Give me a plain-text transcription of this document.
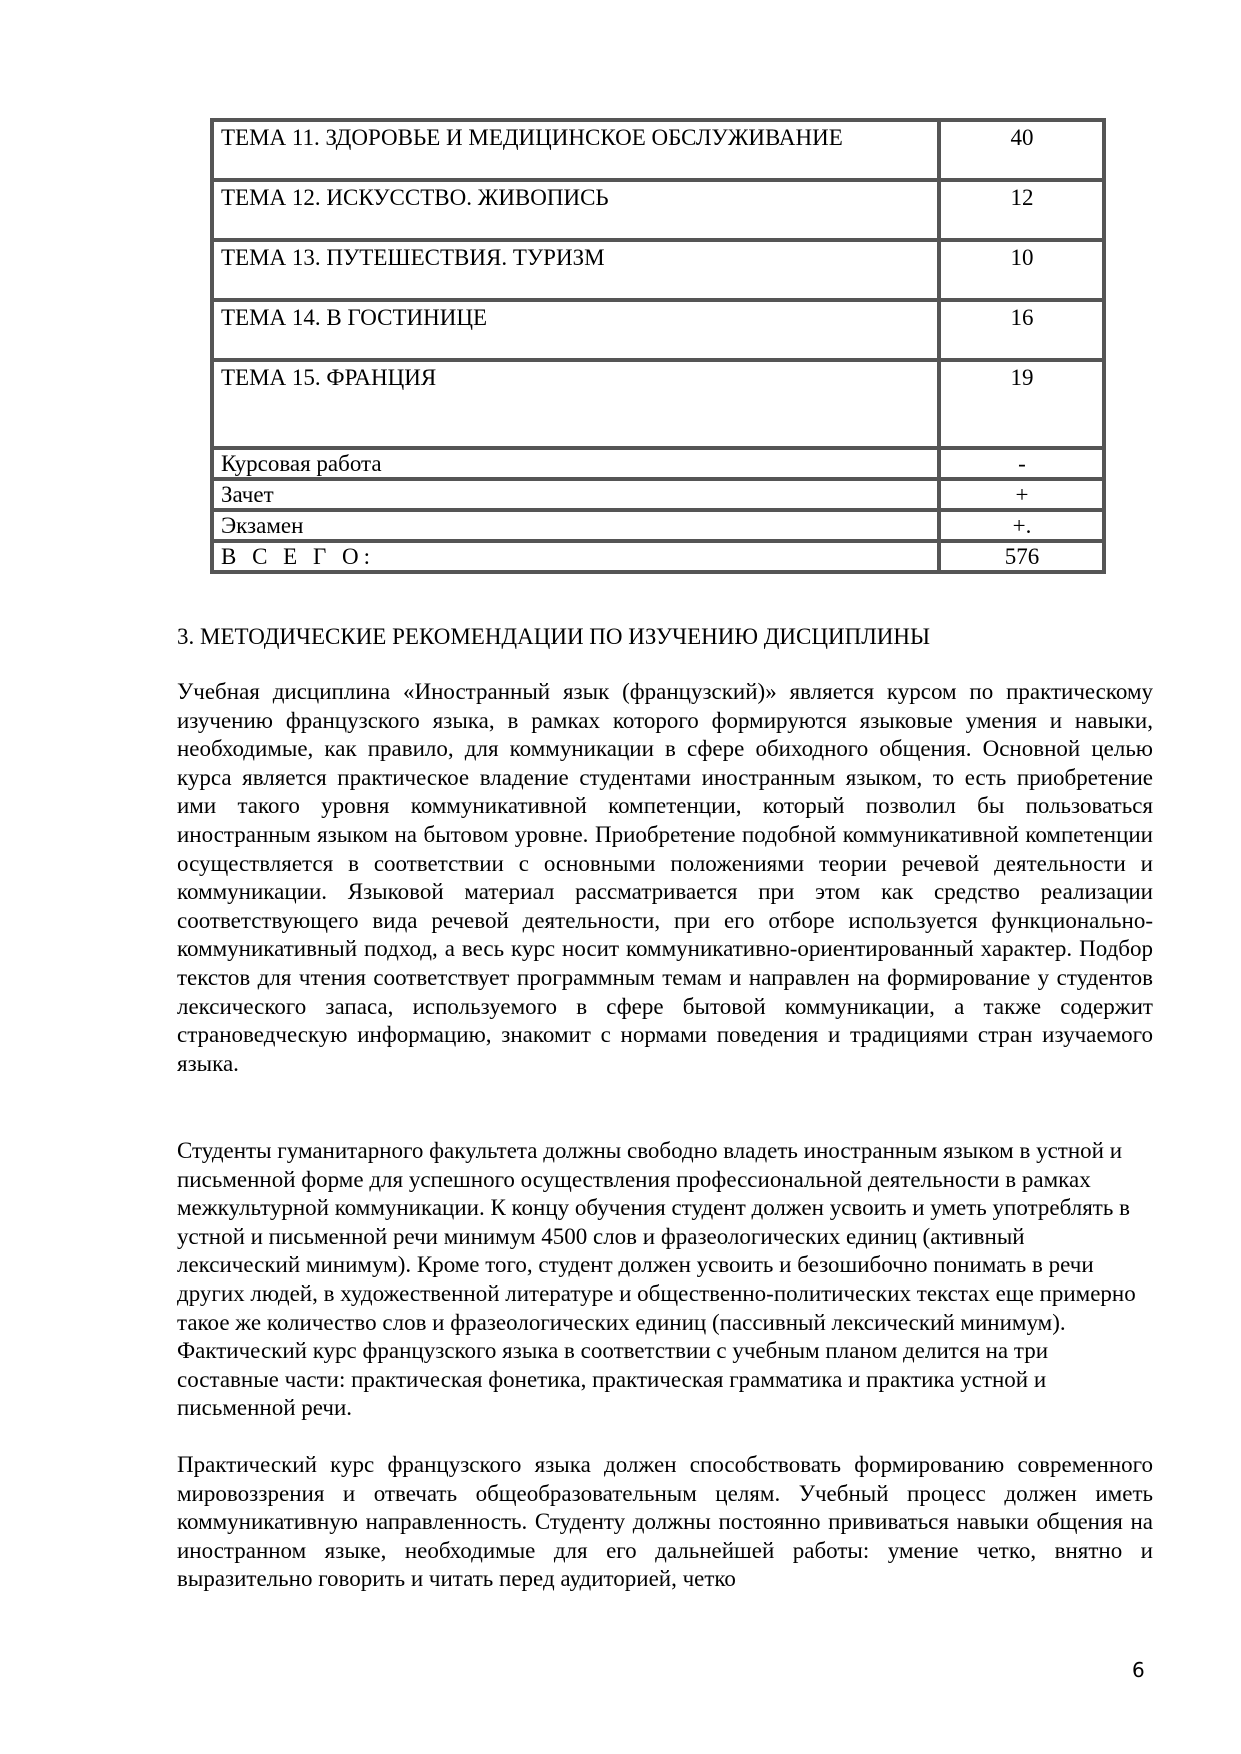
ТЕМА 11. ЗДОРОВЬЕ И МЕДИЦИНСКОЕ ОБСЛУЖИВАНИЕ	40
ТЕМА 12. ИСКУССТВО. ЖИВОПИСЬ	12
ТЕМА 13. ПУТЕШЕСТВИЯ. ТУРИЗМ	10
ТЕМА 14. В ГОСТИНИЦЕ	16
ТЕМА 15. ФРАНЦИЯ	19
Курсовая работа	-
Зачет	+
Экзамен	+.
В С Е Г О:	576
3. МЕТОДИЧЕСКИЕ РЕКОМЕНДАЦИИ ПО ИЗУЧЕНИЮ ДИСЦИПЛИНЫ

Учебная дисциплина «Иностранный язык (французский)» является курсом по практическому изучению французского языка, в рамках которого формируются языковые умения и навыки, необходимые, как правило, для коммуникации в сфере обиходного общения. Основной целью курса является практическое владение студентами иностранным языком, то есть приобретение ими такого уровня коммуникативной компетенции, который позволил бы пользоваться иностранным языком на бытовом уровне. Приобретение подобной коммуникативной компетенции осуществляется в соответствии с основными положениями теории речевой деятельности и коммуникации. Языковой материал рассматривается при этом как средство реализации соответствующего вида речевой деятельности, при его отборе используется функционально-коммуникативный подход, а весь курс носит коммуникативно-ориентированный характер. Подбор текстов для чтения соответствует программным темам и направлен на формирование у студентов лексического запаса, используемого в сфере бытовой коммуникации, а также содержит страноведческую информацию, знакомит с нормами поведения и традициями стран изучаемого языка.

Студенты гуманитарного факультета должны свободно владеть иностранным языком в устной и письменной форме для успешного осуществления профессиональной деятельности в рамках межкультурной коммуникации. К концу обучения студент должен усвоить и уметь употреблять в устной и письменной речи минимум 4500 слов и фразеологических единиц (активный лексический минимум). Кроме того, студент должен усвоить и безошибочно понимать в речи других людей, в художественной литературе и общественно-политических текстах еще примерно такое же количество слов и фразеологических единиц (пассивный лексический минимум). Фактический курс французского языка в соответствии с учебным планом делится на три составные части: практическая фонетика, практическая грамматика и практика устной и письменной речи.

Практический курс французского языка должен способствовать формированию современного мировоззрения и отвечать общеобразовательным целям. Учебный процесс должен иметь коммуникативную направленность. Студенту должны постоянно прививаться навыки общения на иностранном языке, необходимые для его дальнейшей работы: умение четко, внятно и выразительно говорить и читать перед аудиторией, четко

6
